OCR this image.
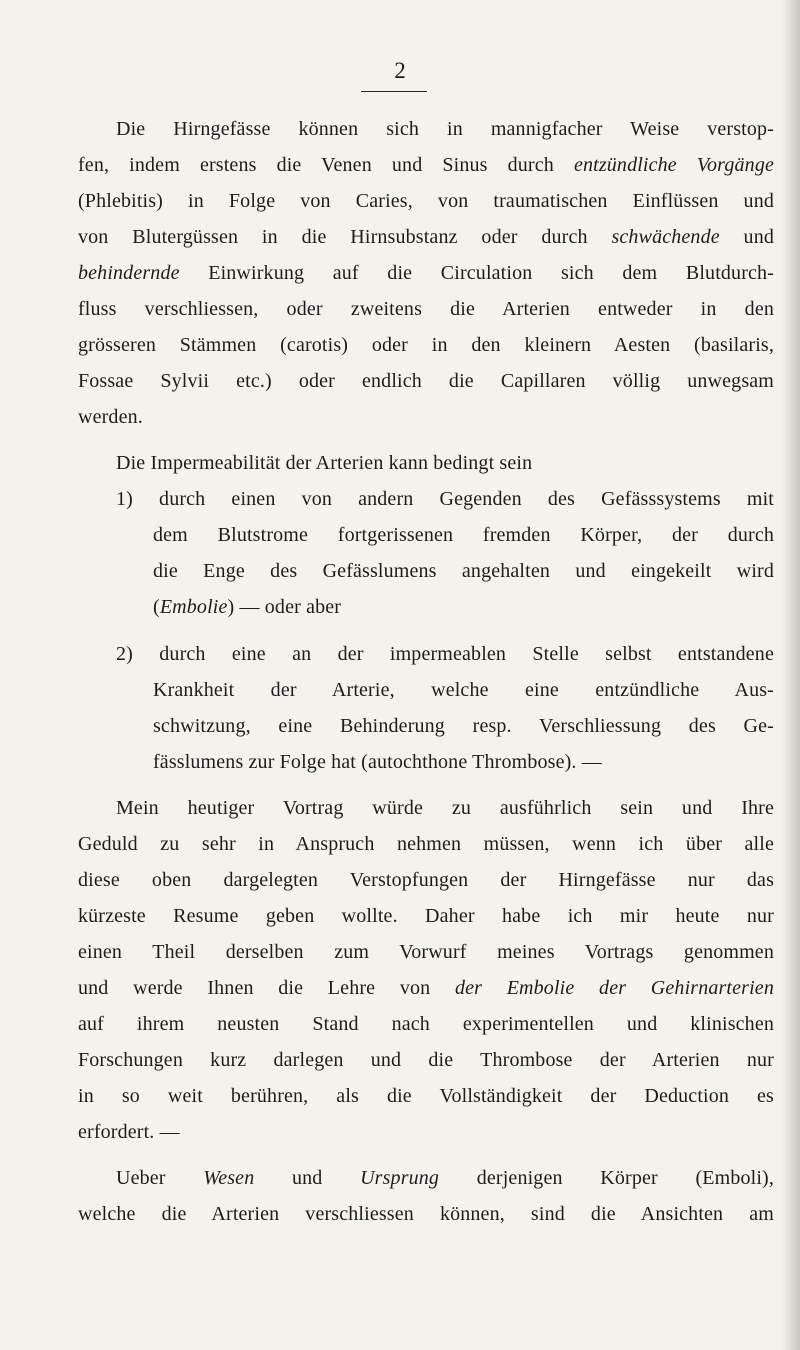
2
Die Hirngefässe können sich in mannigfacher Weise verstop-
fen, indem erstens die Venen und Sinus durch entzündliche Vorgänge
(Phlebitis) in Folge von Caries, von traumatischen Einflüssen und
von Blutergüssen in die Hirnsubstanz oder durch schwächende und
behindernde Einwirkung auf die Circulation sich dem Blutdurch-
fluss verschliessen, oder zweitens die Arterien entweder in den
grösseren Stämmen (carotis) oder in den kleinern Aesten (basilaris,
Fossae Sylvii etc.) oder endlich die Capillaren völlig unwegsam
werden.
Die Impermeabilität der Arterien kann bedingt sein
1) durch einen von andern Gegenden des Gefässsystems mit
dem Blutstrome fortgerissenen fremden Körper, der durch
die Enge des Gefässlumens angehalten und eingekeilt wird
(Embolie) — oder aber
2) durch eine an der impermeablen Stelle selbst entstandene
Krankheit der Arterie, welche eine entzündliche Aus-
schwitzung, eine Behinderung resp. Verschliessung des Ge-
fässlumens zur Folge hat (autochthone Thrombose). —
Mein heutiger Vortrag würde zu ausführlich sein und Ihre
Geduld zu sehr in Anspruch nehmen müssen, wenn ich über alle
diese oben dargelegten Verstopfungen der Hirngefässe nur das
kürzeste Resume geben wollte. Daher habe ich mir heute nur
einen Theil derselben zum Vorwurf meines Vortrags genommen
und werde Ihnen die Lehre von der Embolie der Gehirnarterien
auf ihrem neusten Stand nach experimentellen und klinischen
Forschungen kurz darlegen und die Thrombose der Arterien nur
in so weit berühren, als die Vollständigkeit der Deduction es
erfordert. —
Ueber Wesen und Ursprung derjenigen Körper (Emboli),
welche die Arterien verschliessen können, sind die Ansichten am
